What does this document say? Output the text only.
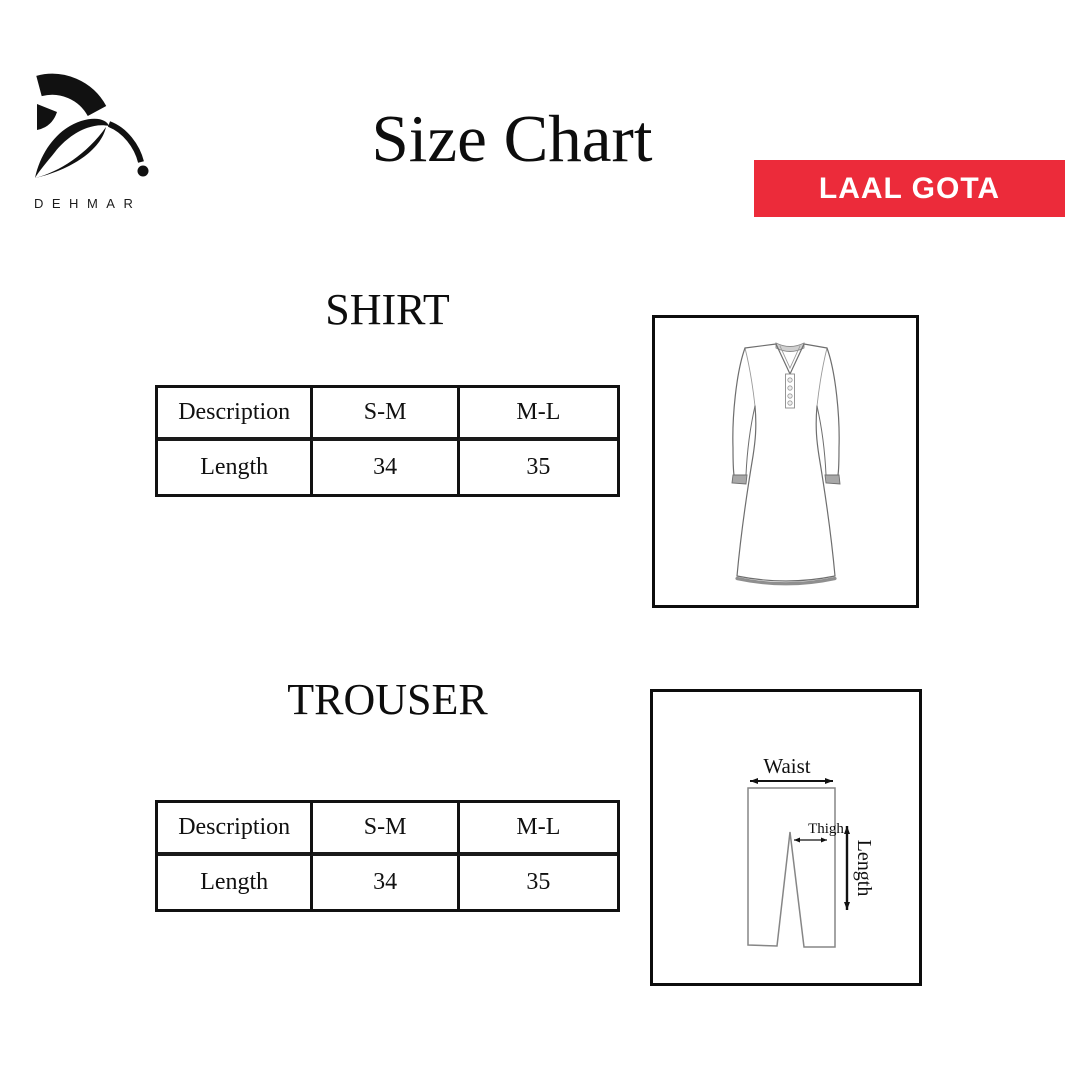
DEHMAR
Size Chart
LAAL GOTA
SHIRT
Description	S-M	M-L
Length	34	35
TROUSER
Description	S-M	M-L
Length	34	35
Waist
Thigh
Length
